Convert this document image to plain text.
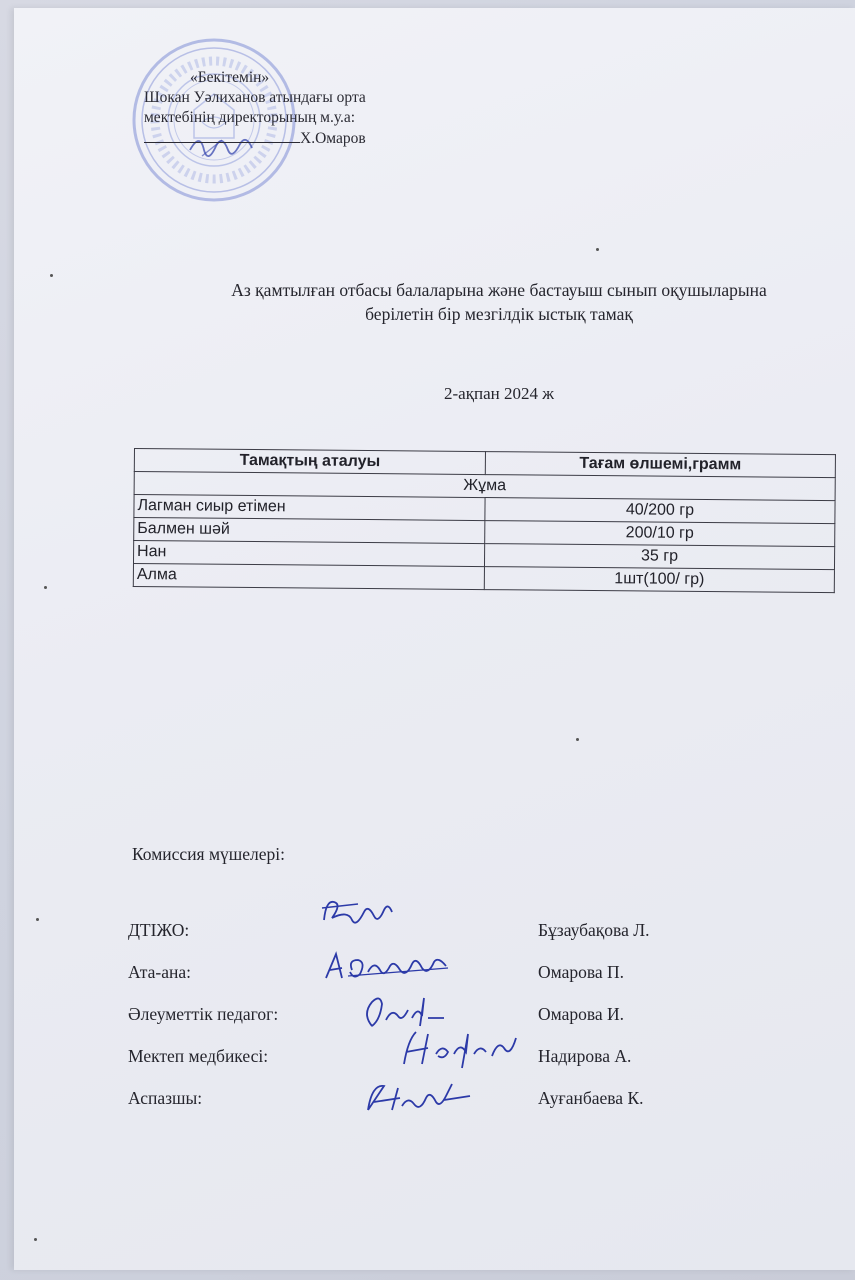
«Бекітемін»
Шокан Уәлиханов атындағы орта
мектебінің директорының м.у.а:
Х.Омаров
Аз қамтылған отбасы балаларына және бастауыш сынып оқушыларына
берілетін бір мезгілдік ыстық тамақ
2-ақпан 2024 ж
Тамақтың аталуы	Тағам өлшемі,грамм
Жұма	
Лагман сиыр етімен	40/200 гр
Балмен шәй	200/10 гр
Нан	35 гр
Алма	1шт(100/ гр)
Комиссия мүшелері:
ДТІЖО:	Бұзаубақова Л.
Ата-ана:	Омарова П.
Әлеуметтік педагог:	Омарова И.
Мектеп медбикесі:	Надирова А.
Аспазшы:	Ауғанбаева К.
